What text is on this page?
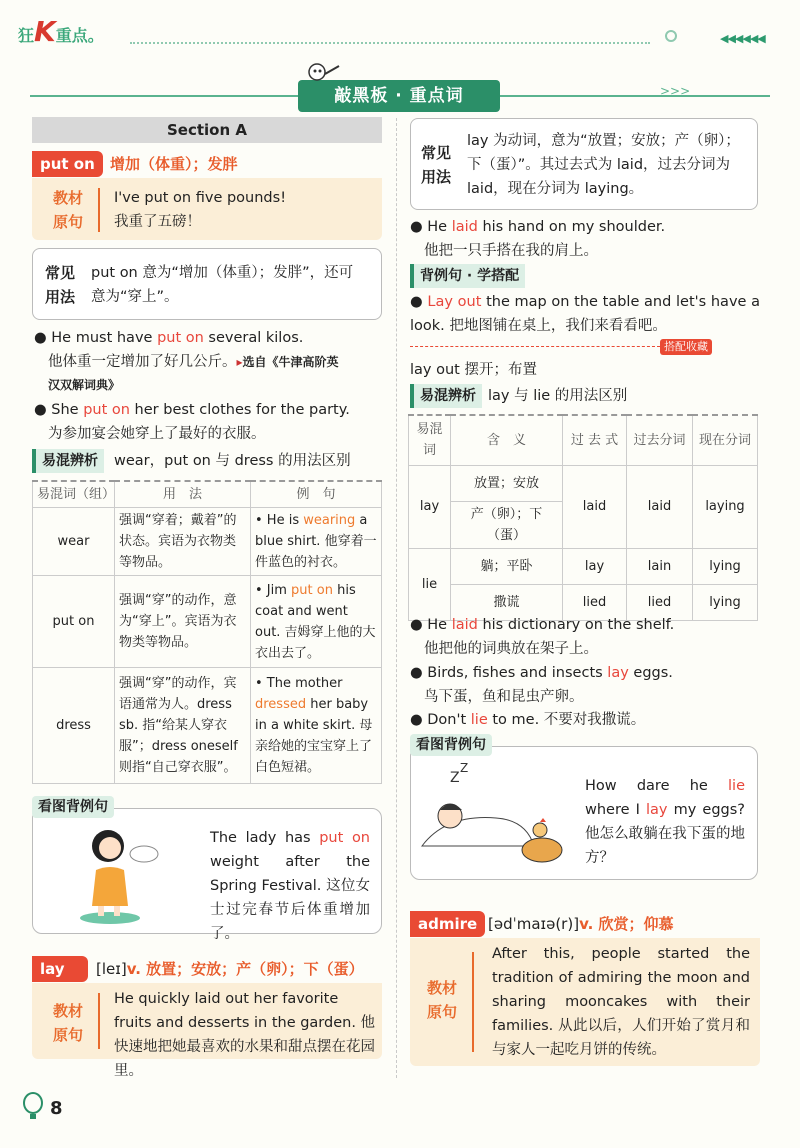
狂K重点。	◀◀◀◀◀◀
敲黑板 · 重点词	>>>
Section A
put on	增加（体重）；发胖
教材
原句
I've put on five pounds!
我重了五磅！
常见
用法
put on 意为“增加（体重）；发胖”，还可
意为“穿上”。
● He must have put on several kilos.
他体重一定增加了好几公斤。▸选自《牛津高阶英
汉双解词典》
● She put on her best clothes for the party.
为参加宴会她穿上了最好的衣服。
易混辨析	wear，put on 与 dress 的用法区别
易混词（组）	用　法	例　句
wear	强调“穿着；戴着”的状态。宾语为衣物类等物品。	• He is wearing a blue shirt. 他穿着一件蓝色的衬衣。
put on	强调“穿”的动作，意为“穿上”。宾语为衣物类等物品。	• Jim put on his coat and went out. 吉姆穿上他的大衣出去了。
dress	强调“穿”的动作，宾语通常为人。dress sb. 指“给某人穿衣服”；dress oneself 则指“自己穿衣服”。	• The mother dressed her baby in a white skirt. 母亲给她的宝宝穿上了白色短裙。
看图背例句
The lady has put on weight after the Spring Festival. 这位女士过完春节后体重增加了。
lay	[leɪ]v. 放置；安放；产（卵）；下（蛋）
教材
原句
He quickly laid out her favorite fruits and desserts in the garden. 他快速地把她最喜欢的水果和甜点摆在花园里。
8
常见
用法
lay 为动词，意为“放置；安放；产（卵）；下（蛋）”。其过去式为 laid，过去分词为 laid，现在分词为 laying。
● He laid his hand on my shoulder.
他把一只手搭在我的肩上。
背例句 · 学搭配
● Lay out the map on the table and let's have a look. 把地图铺在桌上，我们来看看吧。
搭配收藏
lay out 摆开；布置
易混辨析 lay 与 lie 的用法区别
易混词	含　义	过 去 式	过去分词	现在分词
lay	放置；安放	laid	laid	laying
	产（卵）；下（蛋）			
lie	躺；平卧	lay	lain	lying
	撒谎	lied	lied	lying
● He laid his dictionary on the shelf.
他把他的词典放在架子上。
● Birds, fishes and insects lay eggs.
鸟下蛋，鱼和昆虫产卵。
● Don't lie to me. 不要对我撒谎。
看图背例句
Z
Z
How dare he lie where I lay my eggs? 他怎么敢躺在我下蛋的地方？
admire [ədˈmaɪə(r)]v. 欣赏；仰慕
教材
原句
After this, people started the tradition of admiring the moon and sharing mooncakes with their families. 从此以后，人们开始了赏月和与家人一起吃月饼的传统。
